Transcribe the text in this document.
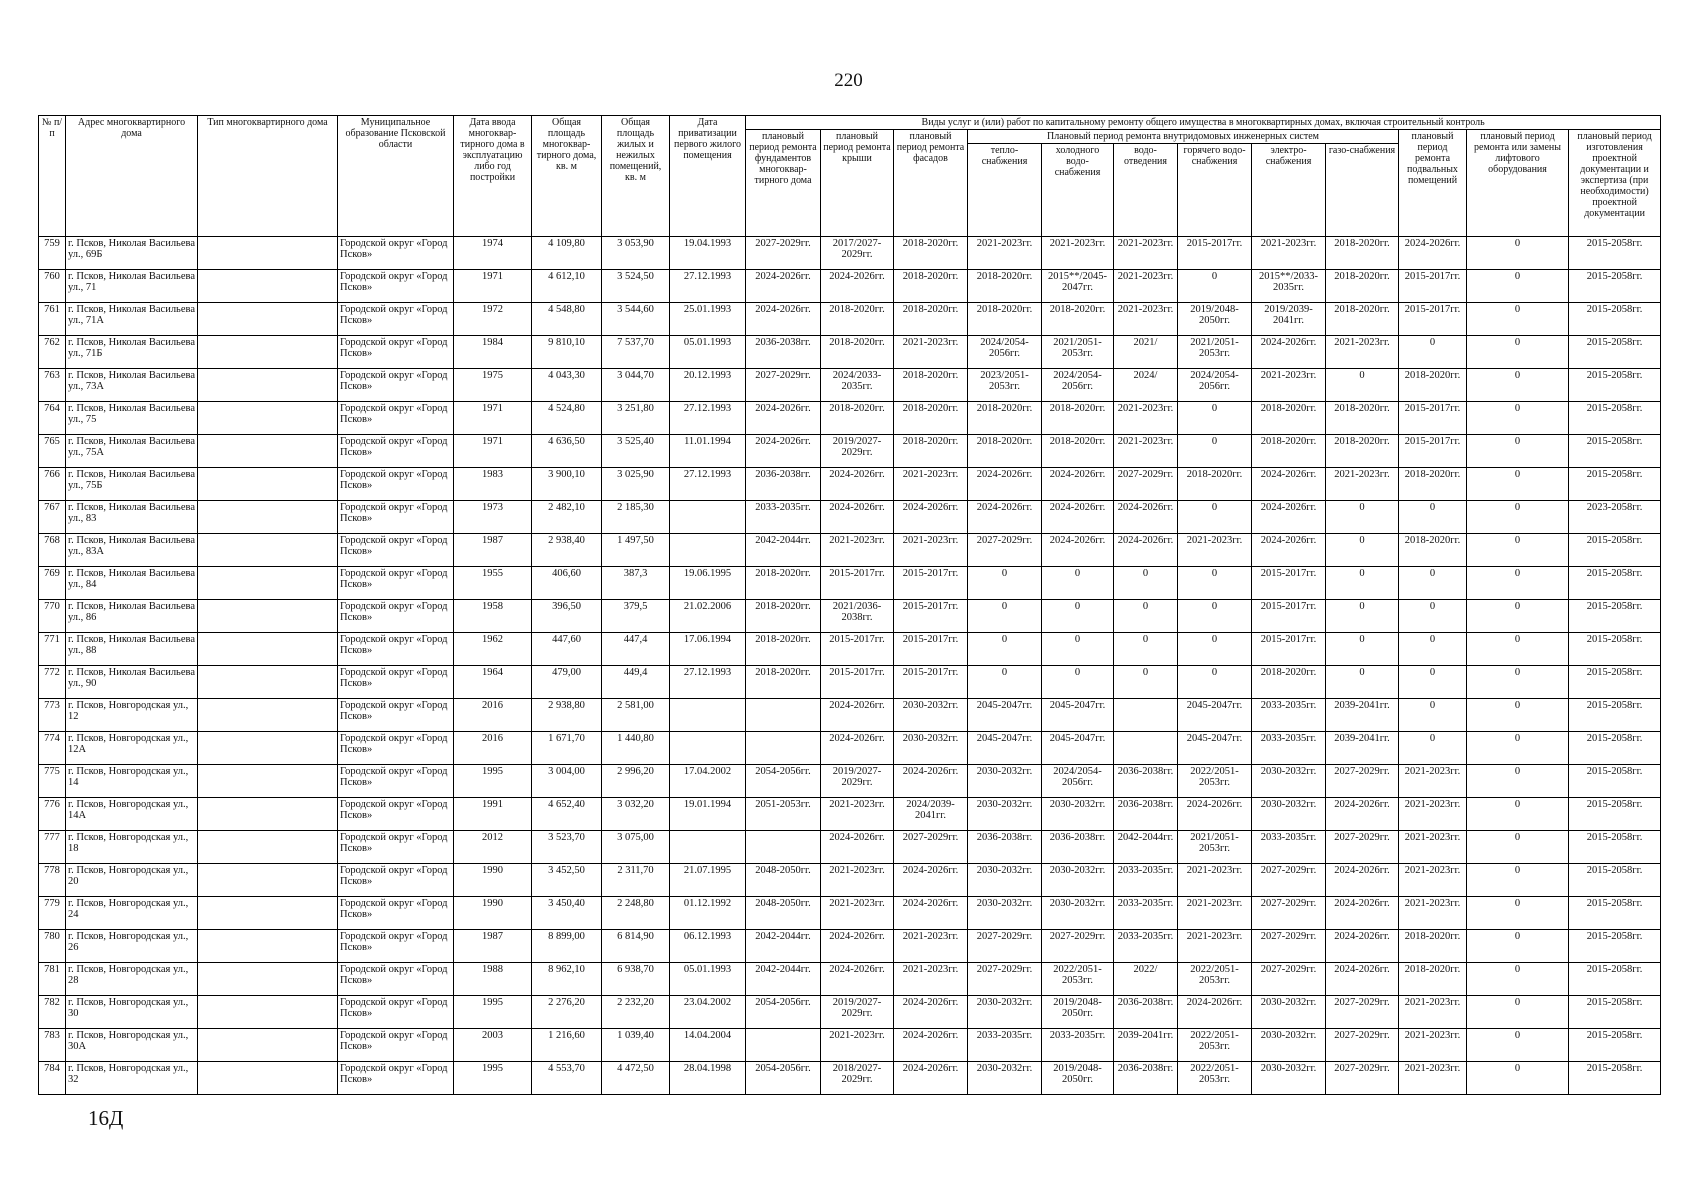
220
№ п/п	Адрес многоквартирного дома	Тип многоквартирного дома	Муниципальное образование Псковской области	Дата ввода многоквар-тирного дома в эксплуатацию либо год постройки	Общая площадь многоквар-тирного дома, кв. м	Общая площадь жилых и нежилых помещений, кв. м	Дата приватизации первого жилого помещения	Виды услуг и (или) работ по капитальному ремонту общего имущества в многоквартирных домах, включая строительный контроль											
								плановый период ремонта фундаментов многоквар-тирного дома	плановый период ремонта крыши	плановый период ремонта фасадов	Плановый период ремонта внутридомовых инженерных систем						плановый период ремонта подвальных помещений	плановый период ремонта или замены лифтового оборудования	плановый период изготовления проектной документации и экспертиза (при необходимости) проектной документации
											тепло-снабжения	холодного водо-снабжения	водо-отведения	горячего водо-снабжения	электро-снабжения	газо-снабжения			
759	г. Псков, Николая Васильева ул., 69Б		Городской округ «Город Псков»	1974	4 109,80	3 053,90	19.04.1993	2027-2029гг.	2017/2027-2029гг.	2018-2020гг.	2021-2023гг.	2021-2023гг.	2021-2023гг.	2015-2017гг.	2021-2023гг.	2018-2020гг.	2024-2026гг.	0	2015-2058гг.
760	г. Псков, Николая Васильева ул., 71		Городской округ «Город Псков»	1971	4 612,10	3 524,50	27.12.1993	2024-2026гг.	2024-2026гг.	2018-2020гг.	2018-2020гг.	2015**/2045-2047гг.	2021-2023гг.	0	2015**/2033-2035гг.	2018-2020гг.	2015-2017гг.	0	2015-2058гг.
761	г. Псков, Николая Васильева ул., 71А		Городской округ «Город Псков»	1972	4 548,80	3 544,60	25.01.1993	2024-2026гг.	2018-2020гг.	2018-2020гг.	2018-2020гг.	2018-2020гг.	2021-2023гг.	2019/2048-2050гг.	2019/2039-2041гг.	2018-2020гг.	2015-2017гг.	0	2015-2058гг.
762	г. Псков, Николая Васильева ул., 71Б		Городской округ «Город Псков»	1984	9 810,10	7 537,70	05.01.1993	2036-2038гг.	2018-2020гг.	2021-2023гг.	2024/2054-2056гг.	2021/2051-2053гг.	2021/	2021/2051-2053гг.	2024-2026гг.	2021-2023гг.	0	0	2015-2058гг.
763	г. Псков, Николая Васильева ул., 73А		Городской округ «Город Псков»	1975	4 043,30	3 044,70	20.12.1993	2027-2029гг.	2024/2033-2035гг.	2018-2020гг.	2023/2051-2053гг.	2024/2054-2056гг.	2024/	2024/2054-2056гг.	2021-2023гг.	0	2018-2020гг.	0	2015-2058гг.
764	г. Псков, Николая Васильева ул., 75		Городской округ «Город Псков»	1971	4 524,80	3 251,80	27.12.1993	2024-2026гг.	2018-2020гг.	2018-2020гг.	2018-2020гг.	2018-2020гг.	2021-2023гг.	0	2018-2020гг.	2018-2020гг.	2015-2017гг.	0	2015-2058гг.
765	г. Псков, Николая Васильева ул., 75А		Городской округ «Город Псков»	1971	4 636,50	3 525,40	11.01.1994	2024-2026гг.	2019/2027-2029гг.	2018-2020гг.	2018-2020гг.	2018-2020гг.	2021-2023гг.	0	2018-2020гг.	2018-2020гг.	2015-2017гг.	0	2015-2058гг.
766	г. Псков, Николая Васильева ул., 75Б		Городской округ «Город Псков»	1983	3 900,10	3 025,90	27.12.1993	2036-2038гг.	2024-2026гг.	2021-2023гг.	2024-2026гг.	2024-2026гг.	2027-2029гг.	2018-2020гг.	2024-2026гг.	2021-2023гг.	2018-2020гг.	0	2015-2058гг.
767	г. Псков, Николая Васильева ул., 83		Городской округ «Город Псков»	1973	2 482,10	2 185,30		2033-2035гг.	2024-2026гг.	2024-2026гг.	2024-2026гг.	2024-2026гг.	2024-2026гг.	0	2024-2026гг.	0	0	0	2023-2058гг.
768	г. Псков, Николая Васильева ул., 83А		Городской округ «Город Псков»	1987	2 938,40	1 497,50		2042-2044гг.	2021-2023гг.	2021-2023гг.	2027-2029гг.	2024-2026гг.	2024-2026гг.	2021-2023гг.	2024-2026гг.	0	2018-2020гг.	0	2015-2058гг.
769	г. Псков, Николая Васильева ул., 84		Городской округ «Город Псков»	1955	406,60	387,3	19.06.1995	2018-2020гг.	2015-2017гг.	2015-2017гг.	0	0	0	0	2015-2017гг.	0	0	0	2015-2058гг.
770	г. Псков, Николая Васильева ул., 86		Городской округ «Город Псков»	1958	396,50	379,5	21.02.2006	2018-2020гг.	2021/2036-2038гг.	2015-2017гг.	0	0	0	0	2015-2017гг.	0	0	0	2015-2058гг.
771	г. Псков, Николая Васильева ул., 88		Городской округ «Город Псков»	1962	447,60	447,4	17.06.1994	2018-2020гг.	2015-2017гг.	2015-2017гг.	0	0	0	0	2015-2017гг.	0	0	0	2015-2058гг.
772	г. Псков, Николая Васильева ул., 90		Городской округ «Город Псков»	1964	479,00	449,4	27.12.1993	2018-2020гг.	2015-2017гг.	2015-2017гг.	0	0	0	0	2018-2020гг.	0	0	0	2015-2058гг.
773	г. Псков, Новгородская ул., 12		Городской округ «Город Псков»	2016	2 938,80	2 581,00			2024-2026гг.	2030-2032гг.	2045-2047гг.	2045-2047гг.		2045-2047гг.	2033-2035гг.	2039-2041гг.	0	0	2015-2058гг.
774	г. Псков, Новгородская ул., 12А		Городской округ «Город Псков»	2016	1 671,70	1 440,80			2024-2026гг.	2030-2032гг.	2045-2047гг.	2045-2047гг.		2045-2047гг.	2033-2035гг.	2039-2041гг.	0	0	2015-2058гг.
775	г. Псков, Новгородская ул., 14		Городской округ «Город Псков»	1995	3 004,00	2 996,20	17.04.2002	2054-2056гг.	2019/2027-2029гг.	2024-2026гг.	2030-2032гг.	2024/2054-2056гг.	2036-2038гг.	2022/2051-2053гг.	2030-2032гг.	2027-2029гг.	2021-2023гг.	0	2015-2058гг.
776	г. Псков, Новгородская ул., 14А		Городской округ «Город Псков»	1991	4 652,40	3 032,20	19.01.1994	2051-2053гг.	2021-2023гг.	2024/2039-2041гг.	2030-2032гг.	2030-2032гг.	2036-2038гг.	2024-2026гг.	2030-2032гг.	2024-2026гг.	2021-2023гг.	0	2015-2058гг.
777	г. Псков, Новгородская ул., 18		Городской округ «Город Псков»	2012	3 523,70	3 075,00			2024-2026гг.	2027-2029гг.	2036-2038гг.	2036-2038гг.	2042-2044гг.	2021/2051-2053гг.	2033-2035гг.	2027-2029гг.	2021-2023гг.	0	2015-2058гг.
778	г. Псков, Новгородская ул., 20		Городской округ «Город Псков»	1990	3 452,50	2 311,70	21.07.1995	2048-2050гг.	2021-2023гг.	2024-2026гг.	2030-2032гг.	2030-2032гг.	2033-2035гг.	2021-2023гг.	2027-2029гг.	2024-2026гг.	2021-2023гг.	0	2015-2058гг.
779	г. Псков, Новгородская ул., 24		Городской округ «Город Псков»	1990	3 450,40	2 248,80	01.12.1992	2048-2050гг.	2021-2023гг.	2024-2026гг.	2030-2032гг.	2030-2032гг.	2033-2035гг.	2021-2023гг.	2027-2029гг.	2024-2026гг.	2021-2023гг.	0	2015-2058гг.
780	г. Псков, Новгородская ул., 26		Городской округ «Город Псков»	1987	8 899,00	6 814,90	06.12.1993	2042-2044гг.	2024-2026гг.	2021-2023гг.	2027-2029гг.	2027-2029гг.	2033-2035гг.	2021-2023гг.	2027-2029гг.	2024-2026гг.	2018-2020гг.	0	2015-2058гг.
781	г. Псков, Новгородская ул., 28		Городской округ «Город Псков»	1988	8 962,10	6 938,70	05.01.1993	2042-2044гг.	2024-2026гг.	2021-2023гг.	2027-2029гг.	2022/2051-2053гг.	2022/	2022/2051-2053гг.	2027-2029гг.	2024-2026гг.	2018-2020гг.	0	2015-2058гг.
782	г. Псков, Новгородская ул., 30		Городской округ «Город Псков»	1995	2 276,20	2 232,20	23.04.2002	2054-2056гг.	2019/2027-2029гг.	2024-2026гг.	2030-2032гг.	2019/2048-2050гг.	2036-2038гг.	2024-2026гг.	2030-2032гг.	2027-2029гг.	2021-2023гг.	0	2015-2058гг.
783	г. Псков, Новгородская ул., 30А		Городской округ «Город Псков»	2003	1 216,60	1 039,40	14.04.2004		2021-2023гг.	2024-2026гг.	2033-2035гг.	2033-2035гг.	2039-2041гг.	2022/2051-2053гг.	2030-2032гг.	2027-2029гг.	2021-2023гг.	0	2015-2058гг.
784	г. Псков, Новгородская ул., 32		Городской округ «Город Псков»	1995	4 553,70	4 472,50	28.04.1998	2054-2056гг.	2018/2027-2029гг.	2024-2026гг.	2030-2032гг.	2019/2048-2050гг.	2036-2038гг.	2022/2051-2053гг.	2030-2032гг.	2027-2029гг.	2021-2023гг.	0	2015-2058гг.
16Д
